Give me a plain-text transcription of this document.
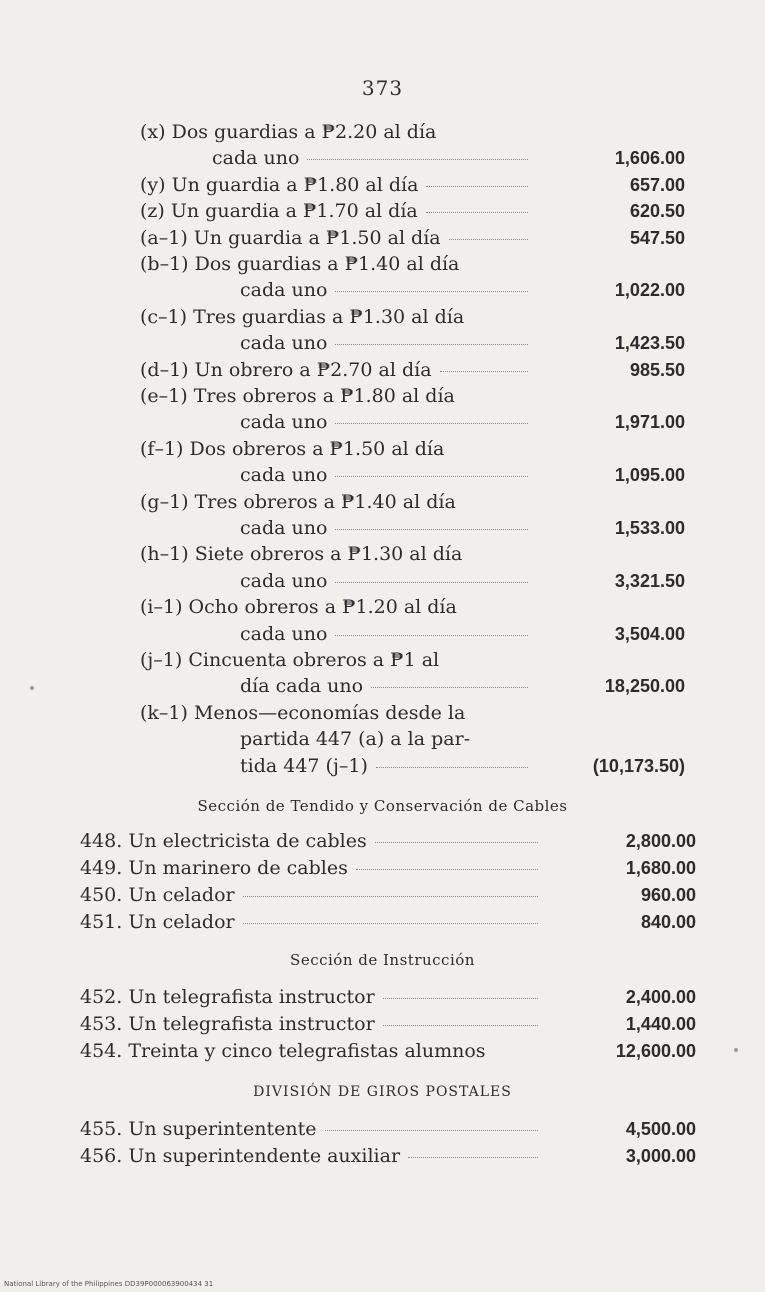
373
(x) Dos guardias a ₱2.20 al día
cada uno	1,606.00
(y) Un guardia a ₱1.80 al día	657.00
(z) Un guardia a ₱1.70 al día	620.50
(a–1) Un guardia a ₱1.50 al día	547.50
(b–1) Dos guardias a ₱1.40 al día
cada uno	1,022.00
(c–1) Tres guardias a ₱1.30 al día
cada uno	1,423.50
(d–1) Un obrero a ₱2.70 al día	985.50
(e–1) Tres obreros a ₱1.80 al día
cada uno	1,971.00
(f–1) Dos obreros a ₱1.50 al día
cada uno	1,095.00
(g–1) Tres obreros a ₱1.40 al día
cada uno	1,533.00
(h–1) Siete obreros a ₱1.30 al día
cada uno	3,321.50
(i–1) Ocho obreros a ₱1.20 al día
cada uno	3,504.00
(j–1) Cincuenta obreros a ₱1 al
día cada uno	18,250.00
(k–1) Menos—economías desde la
partida 447 (a) a la par-
tida 447 (j–1)	(10,173.50)
Sección de Tendido y Conservación de Cables
448. Un electricista de cables	2,800.00
449. Un marinero de cables	1,680.00
450. Un celador	960.00
451. Un celador	840.00
Sección de Instrucción
452. Un telegrafista instructor	2,400.00
453. Un telegrafista instructor	1,440.00
454. Treinta y cinco telegrafistas alumnos	12,600.00
DIVISIÓN DE GIROS POSTALES
455. Un superintentente	4,500.00
456. Un superintendente auxiliar	3,000.00
National Library of the Philippines DD39P000063900434 31
